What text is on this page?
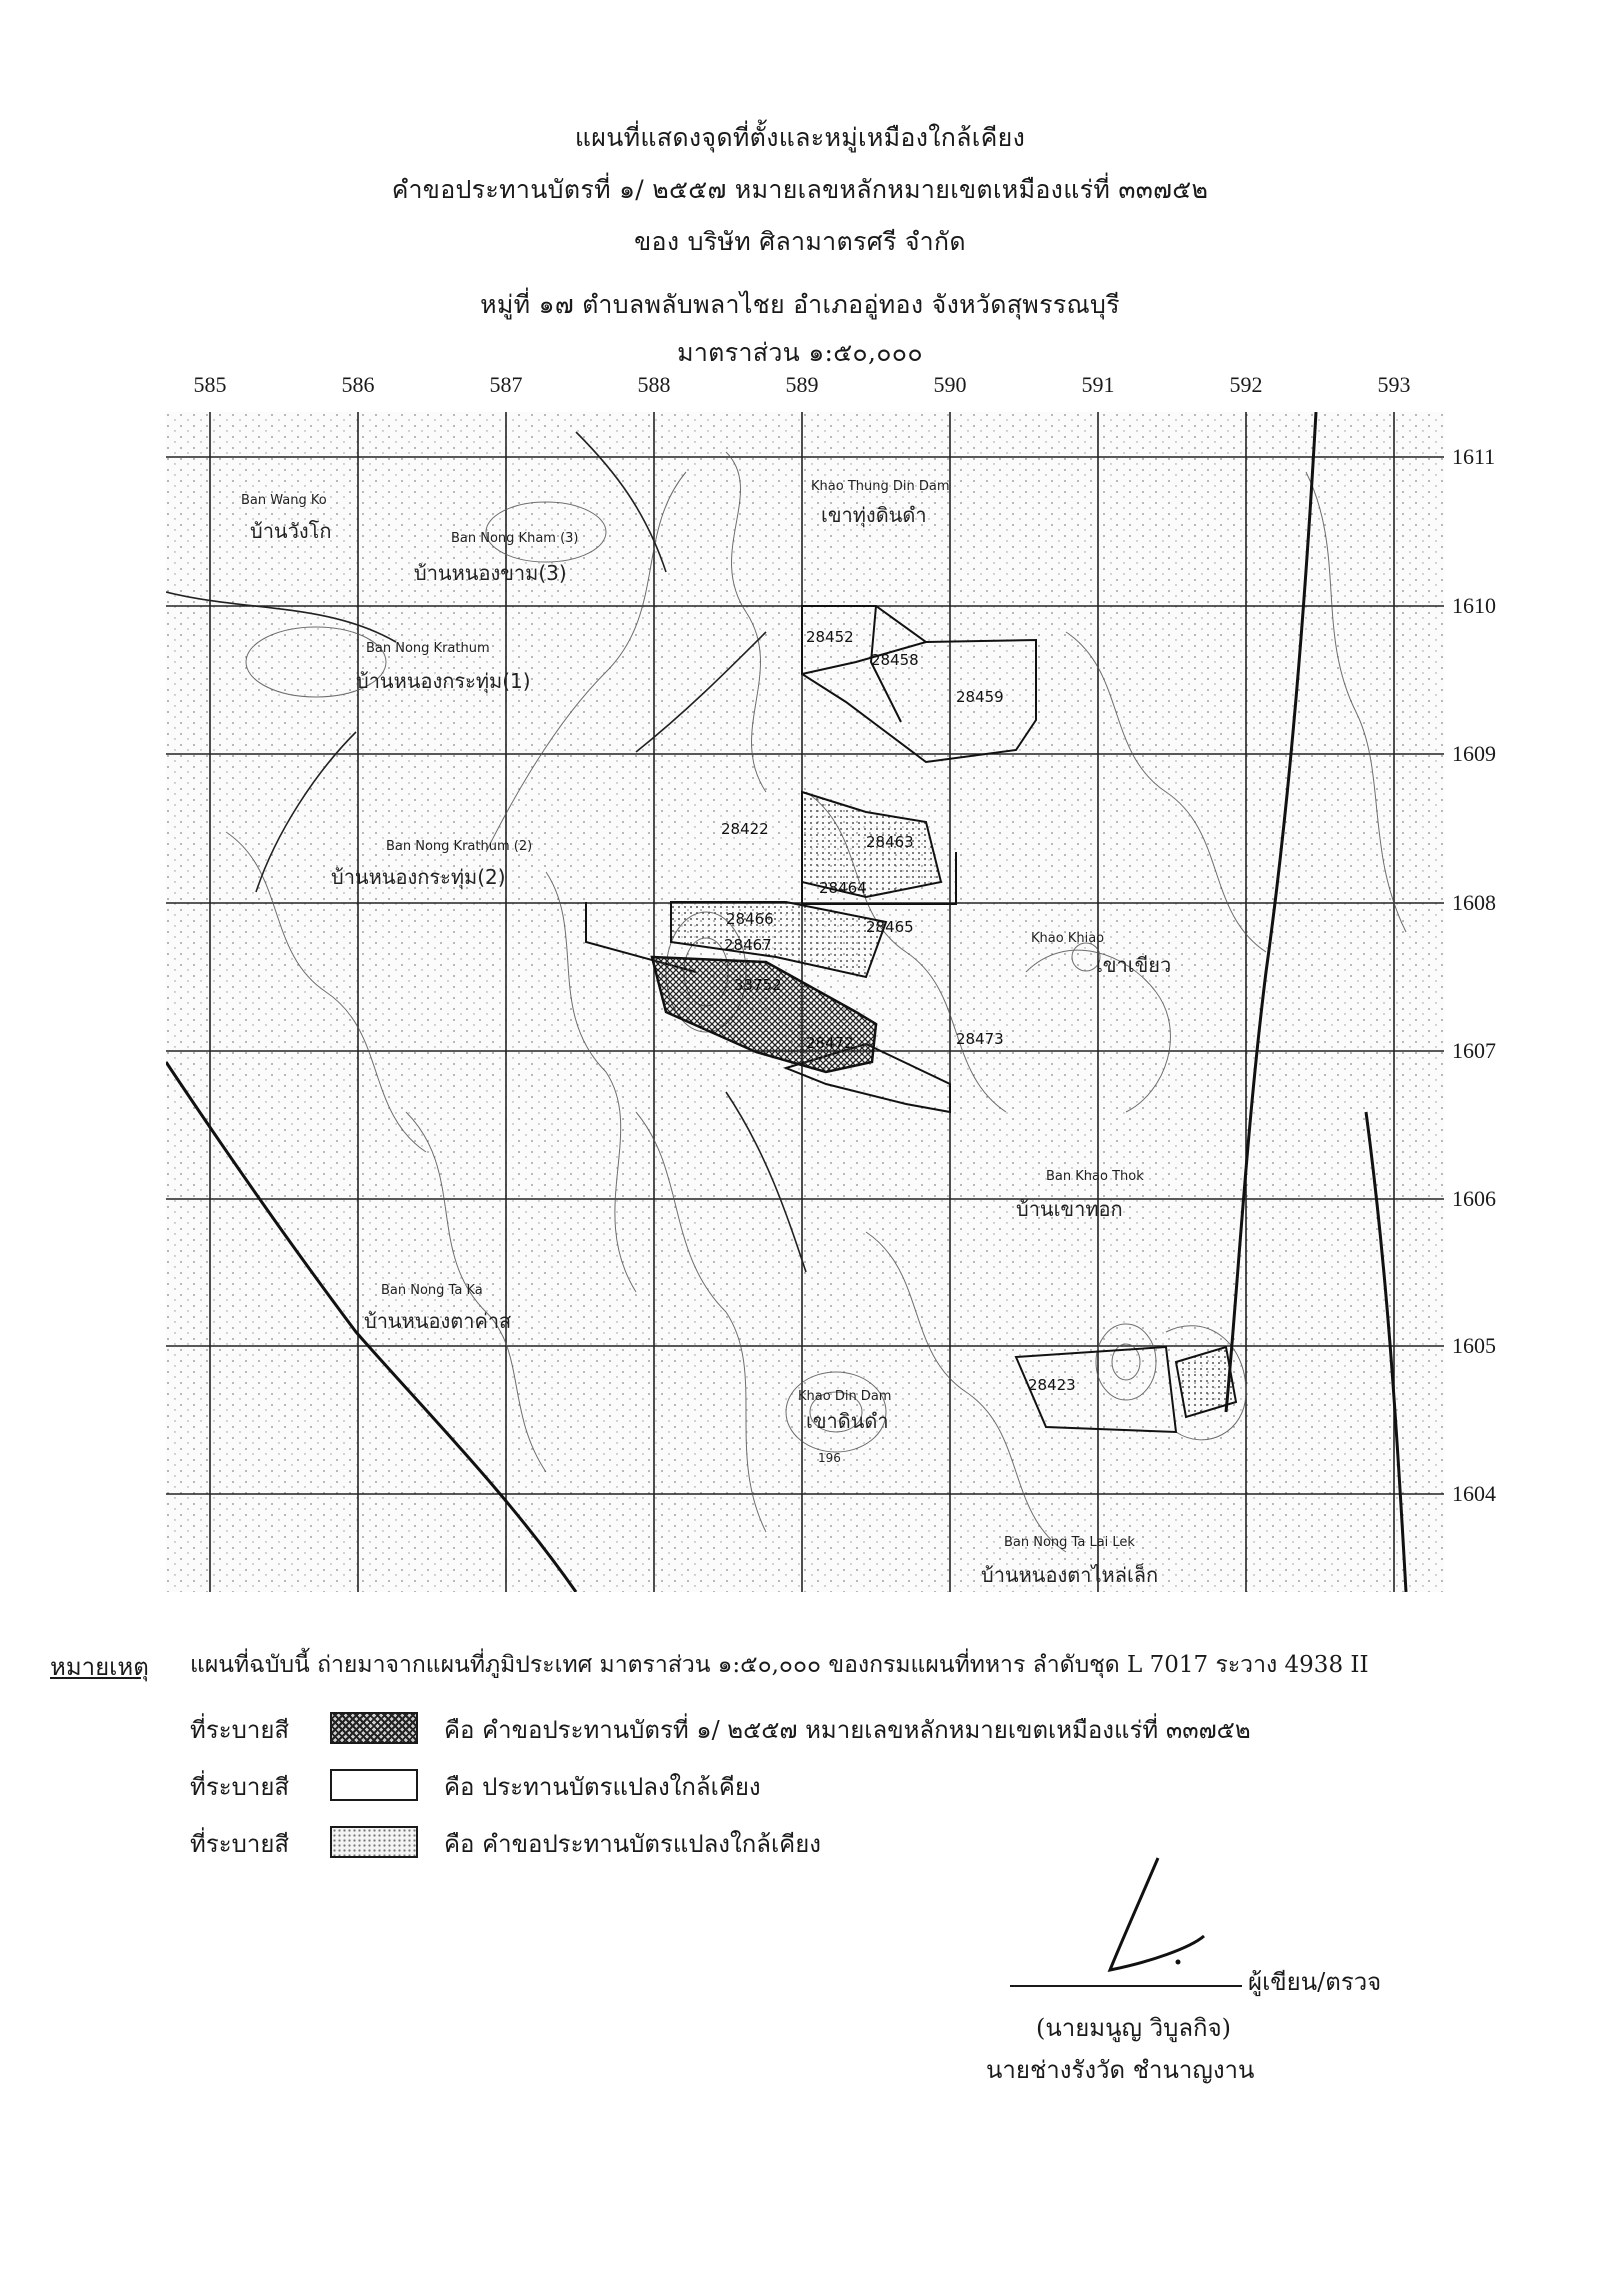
แผนที่แสดงจุดที่ตั้งและหมู่เหมืองใกล้เคียง
คำขอประทานบัตรที่ ๑/ ๒๕๕๗ หมายเลขหลักหมายเขตเหมืองแร่ที่ ๓๓๗๕๒
ของ บริษัท ศิลามาตรศรี จำกัด
หมู่ที่ ๑๗ ตำบลพลับพลาไชย อำเภออู่ทอง จังหวัดสุพรรณบุรี
มาตราส่วน ๑:๕๐,๐๐๐
585	586	587	588	589	590	591	592	593
1611
1610
1609
1608
1607
1606
1605
1604
Ban Wang Ko
บ้านวังโก	Ban Nong Kham (3)
บ้านหนองขาม(3)
Ban Nong Krathum
บ้านหนองกระทุ่ม(1)
Ban Nong Krathum (2)
บ้านหนองกระทุ่ม(2)
Khao Thung Din Dam
เขาทุ่งดินดำ
Ban Nong Ta Ka
บ้านหนองตาค่าส
Khao Din Dam
เขาดินดำ
Khao Khiao
เขาเขียว
Ban Khao Thok
บ้านเขาทอก
Ban Nong Ta Lai Lek
บ้านหนองตาไหล่เล็ก
196
28452
28458
28459
28422
28463
28464
28466	28465
28467
33752
28472	28473
28423
หมายเหตุ แผนที่ฉบับนี้ ถ่ายมาจากแผนที่ภูมิประเทศ มาตราส่วน ๑:๕๐,๐๐๐ ของกรมแผนที่ทหาร ลำดับชุด L 7017 ระวาง 4938 II
ที่ระบายสี	คือ คำขอประทานบัตรที่ ๑/ ๒๕๕๗ หมายเลขหลักหมายเขตเหมืองแร่ที่ ๓๓๗๕๒
ที่ระบายสี	คือ ประทานบัตรแปลงใกล้เคียง
ที่ระบายสี	คือ คำขอประทานบัตรแปลงใกล้เคียง
ผู้เขียน/ตรวจ
(นายมนูญ วิบูลกิจ)
นายช่างรังวัด ชำนาญงาน
